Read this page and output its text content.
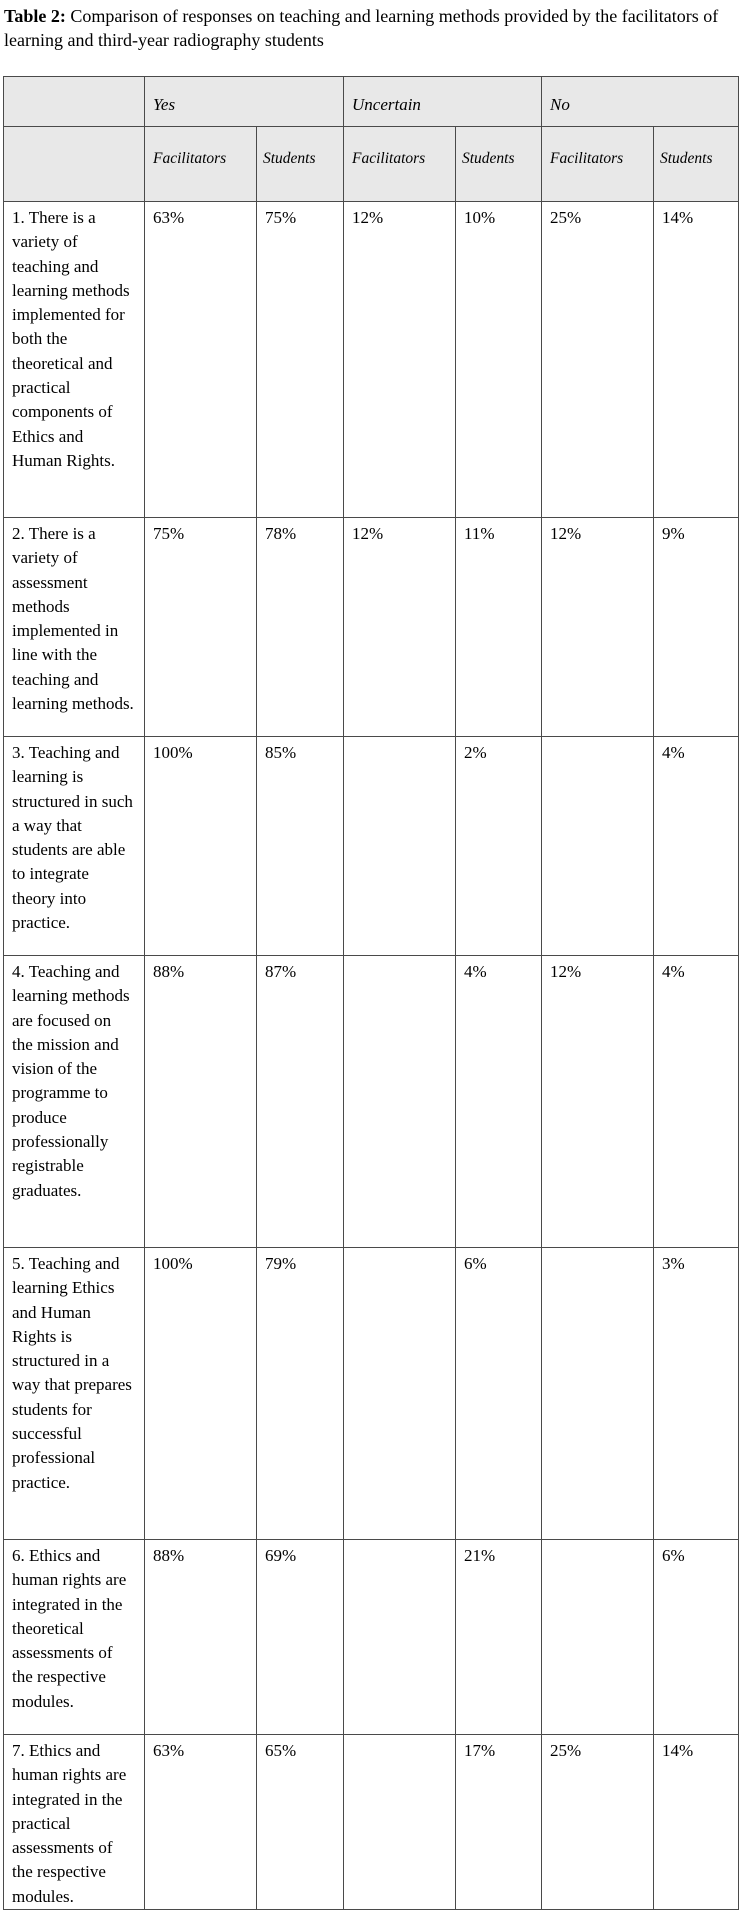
Table 2: Comparison of responses on teaching and learning methods provided by the facilitators of learning and third-year radiography students
	Yes		Uncertain		No	
	Facilitators	Students	Facilitators	Students	Facilitators	Students
1. There is a variety of teaching and learning methods implemented for both the theoretical and practical components of Ethics and Human Rights.	63%	75%	12%	10%	25%	14%
2. There is a variety of assessment methods implemented in line with the teaching and learning methods.	75%	78%	12%	11%	12%	9%
3. Teaching and learning is structured in such a way that students are able to integrate theory into practice.	100%	85%		2%		4%
4. Teaching and learning methods are focused on the mission and vision of the programme to produce professionally registrable graduates.	88%	87%		4%	12%	4%
5. Teaching and learning Ethics and Human Rights is structured in a way that prepares students for successful professional practice.	100%	79%		6%		3%
6. Ethics and human rights are integrated in the theoretical assessments of the respective modules.	88%	69%		21%		6%
7. Ethics and human rights are integrated in the practical assessments of the respective modules.	63%	65%		17%	25%	14%
